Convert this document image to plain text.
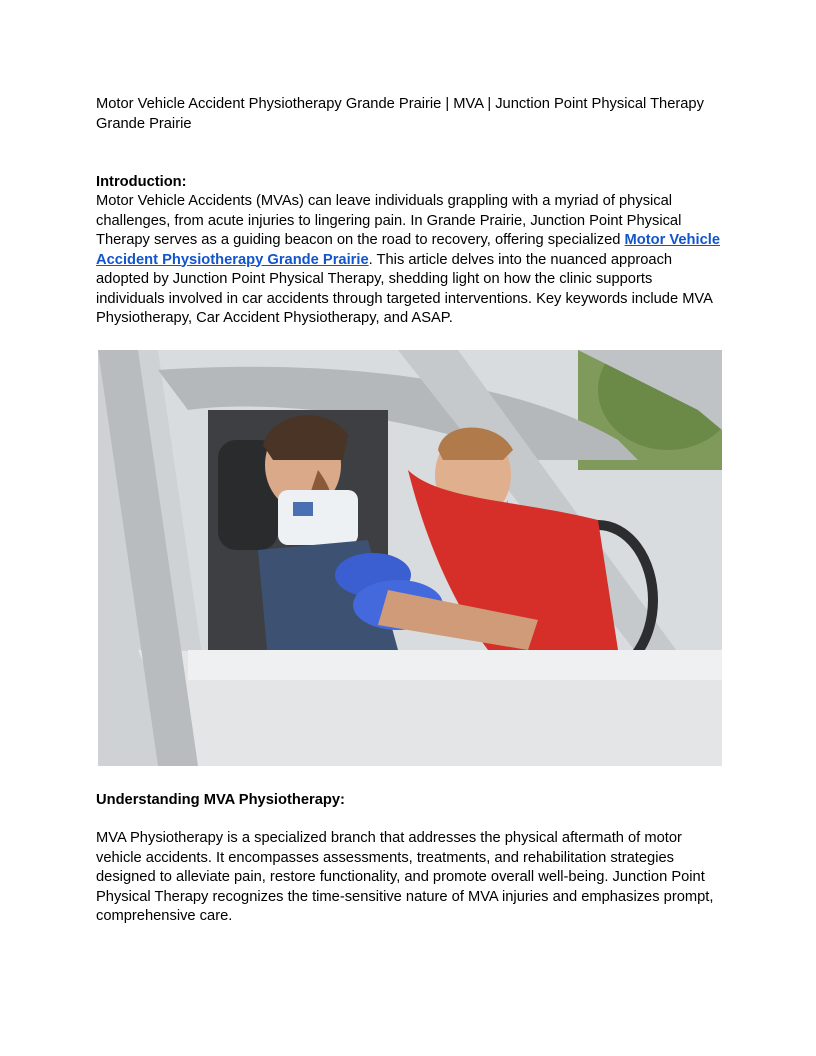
Motor Vehicle Accident Physiotherapy Grande Prairie | MVA | Junction Point Physical Therapy Grande Prairie
Introduction:
Motor Vehicle Accidents (MVAs) can leave individuals grappling with a myriad of physical challenges, from acute injuries to lingering pain. In Grande Prairie, Junction Point Physical Therapy serves as a guiding beacon on the road to recovery, offering specialized Motor Vehicle Accident Physiotherapy Grande Prairie. This article delves into the nuanced approach adopted by Junction Point Physical Therapy, shedding light on how the clinic supports individuals involved in car accidents through targeted interventions. Key keywords include MVA Physiotherapy, Car Accident Physiotherapy, and ASAP.
Understanding MVA Physiotherapy:
MVA Physiotherapy is a specialized branch that addresses the physical aftermath of motor vehicle accidents. It encompasses assessments, treatments, and rehabilitation strategies designed to alleviate pain, restore functionality, and promote overall well-being. Junction Point Physical Therapy recognizes the time-sensitive nature of MVA injuries and emphasizes prompt, comprehensive care.
